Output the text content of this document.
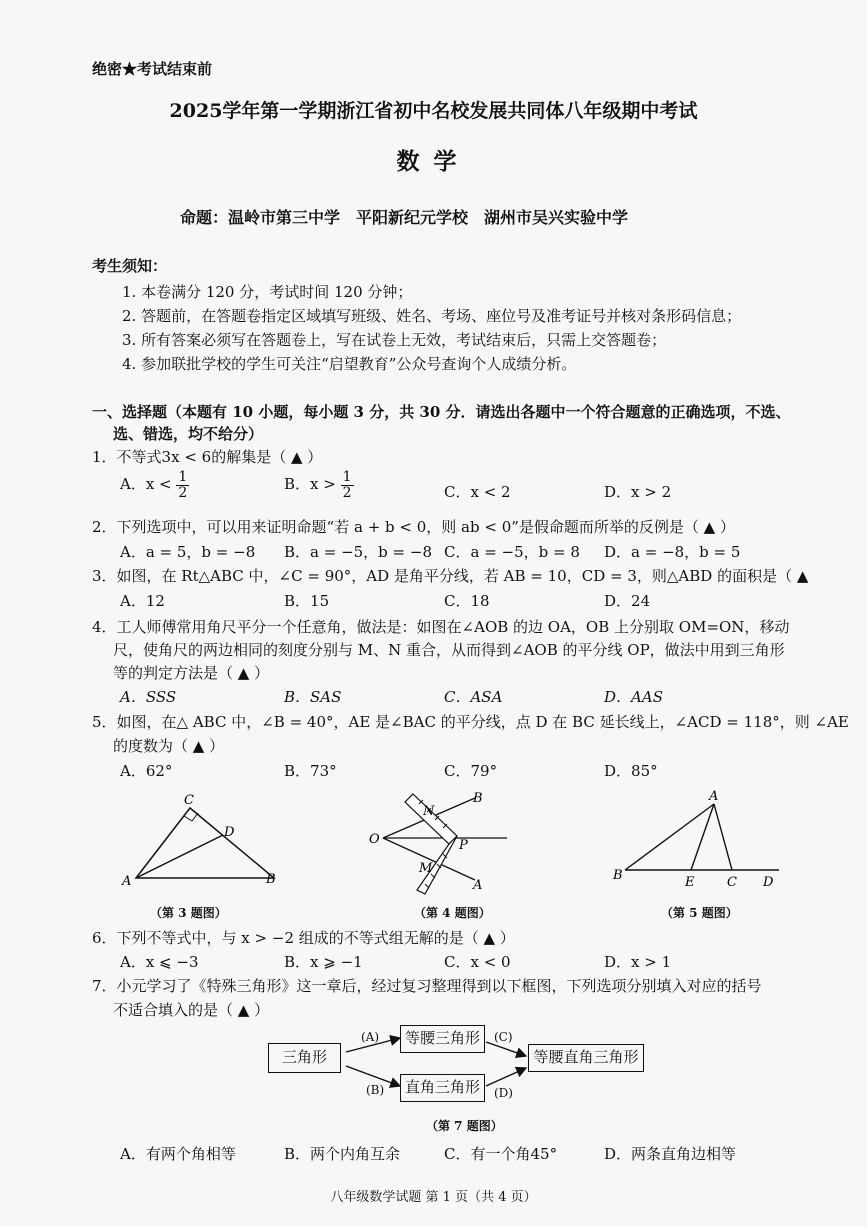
绝密★考试结束前
2025学年第一学期浙江省初中名校发展共同体八年级期中考试
数学
命题：温岭市第三中学　平阳新纪元学校　湖州市吴兴实验中学
考生须知：
1. 本卷满分 120 分，考试时间 120 分钟；
2. 答题前，在答题卷指定区域填写班级、姓名、考场、座位号及准考证号并核对条形码信息；
3. 所有答案必须写在答题卷上，写在试卷上无效，考试结束后，只需上交答题卷；
4. 参加联批学校的学生可关注“启望教育”公众号查询个人成绩分析。
一、选择题（本题有 10 小题，每小题 3 分，共 30 分．请选出各题中一个符合题意的正确选项，不选、
选、错选，均不给分）
1．不等式3x < 6的解集是（ ▲ ）
A．$x < \frac{1}{2}$	B．$x > \frac{1}{2}$	C．x < 2	D．x > 2
2．下列选项中，可以用来证明命题“若 a + b < 0，则 ab < 0”是假命题而所举的反例是（ ▲ ）
A．a = 5，b = −8 B．a = −5，b = −8 C．a = −5，b = 8 D．a = −8，b = 5
3．如图，在 Rt△ABC 中，∠C = 90°，AD 是角平分线，若 AB = 10，CD = 3，则△ABD 的面积是（ ▲
A．12	B．15	C．18	D．24
4．工人师傅常用角尺平分一个任意角，做法是：如图在∠AOB 的边 OA，OB 上分别取 OM=ON，移动
尺，使角尺的两边相同的刻度分别与 M、N 重合，从而得到∠AOB 的平分线 OP，做法中用到三角形
等的判定方法是（ ▲ ）
A．SSS	B．SAS	C．ASA	D．AAS
5．如图，在△ ABC 中，∠B = 40°，AE 是∠BAC 的平分线，点 D 在 BC 延长线上，∠ACD = 118°，则 ∠AE
的度数为（ ▲ ）
A．62°	B．73°	C．79°	D．85°
C
D
A	B
（第 3 题图）
N
B
O	P
M
A
（第 4 题图）
A
B	E	C D
（第 5 题图）
6．下列不等式中，与 x > −2 组成的不等式组无解的是（ ▲ ）
A．x ⩽ −3	B．x ⩾ −1	C．x < 0	D．x > 1
7．小元学习了《特殊三角形》这一章后，经过复习整理得到以下框图，下列选项分别填入对应的括号
不适合填入的是（ ▲ ）
三角形
等腰三角形
直角三角形
等腰直角三角形
(A)
(B)
(C)
(D)
（第 7 题图）
A．有两个角相等	B．两个内角互余	C．有一个角45°	D．两条直角边相等
八年级数学试题 第 1 页（共 4 页）
